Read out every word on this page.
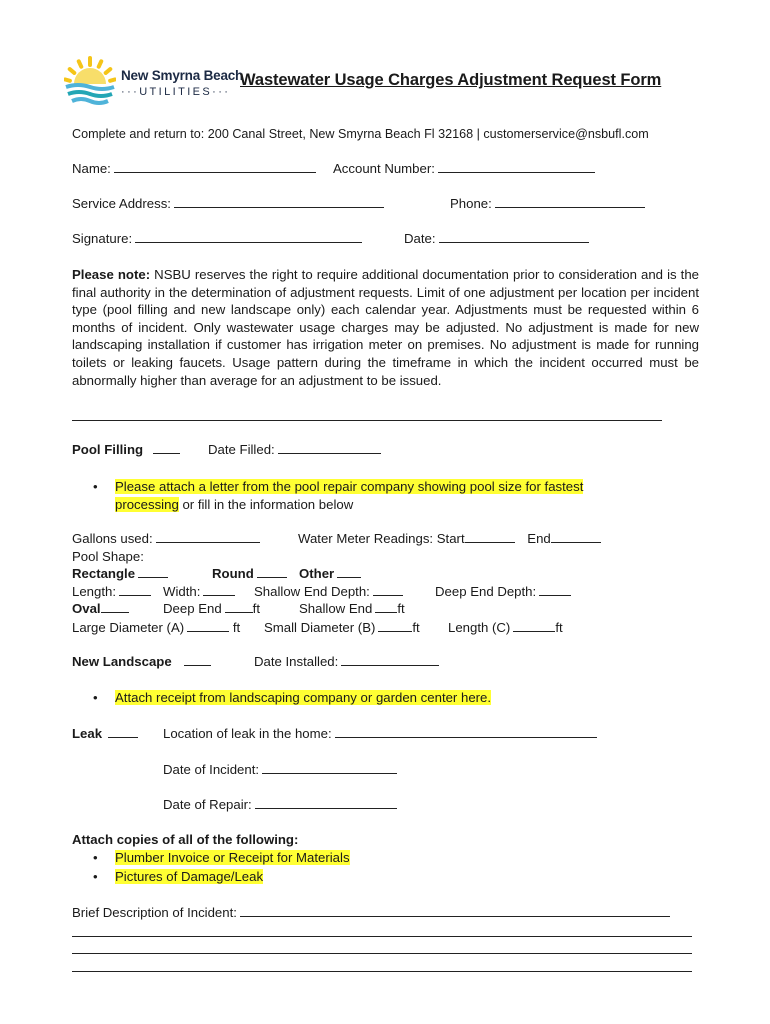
New Smyrna Beach
···UTILITIES···
Wastewater Usage Charges Adjustment Request Form
Complete and return to: 200 Canal Street, New Smyrna Beach Fl 32168 | customerservice@nsbufl.com
Name:	Account Number:
Service Address:	Phone:
Signature:	Date:
Please note: NSBU reserves the right to require additional documentation prior to consideration and is the final authority in the determination of adjustment requests. Limit of one adjustment per location per incident type (pool filling and new landscape only) each calendar year. Adjustments must be requested within 6 months of incident. Only wastewater usage charges may be adjusted. No adjustment is made for new landscaping installation if customer has irrigation meter on premises. No adjustment is made for running toilets or leaking faucets. Usage pattern during the timeframe in which the incident occurred must be abnormally higher than average for an adjustment to be issued.
Pool Filling	Date Filled:
• Please attach a letter from the pool repair company showing pool size for fastest
processing or fill in the information below
Gallons used:	Water Meter Readings: Start	End
Pool Shape:
Rectangle	Round	Other
Length:	Width:	Shallow End Depth:	Deep End Depth:
Oval	Deep End ft	Shallow End ft
Large Diameter (A)	ft Small Diameter (B)	ft Length (C)	ft
New Landscape	Date Installed:
• Attach receipt from landscaping company or garden center here.
Leak	Location of leak in the home:
Date of Incident:
Date of Repair:
Attach copies of all of the following:
• Plumber Invoice or Receipt for Materials
• Pictures of Damage/Leak
Brief Description of Incident:
